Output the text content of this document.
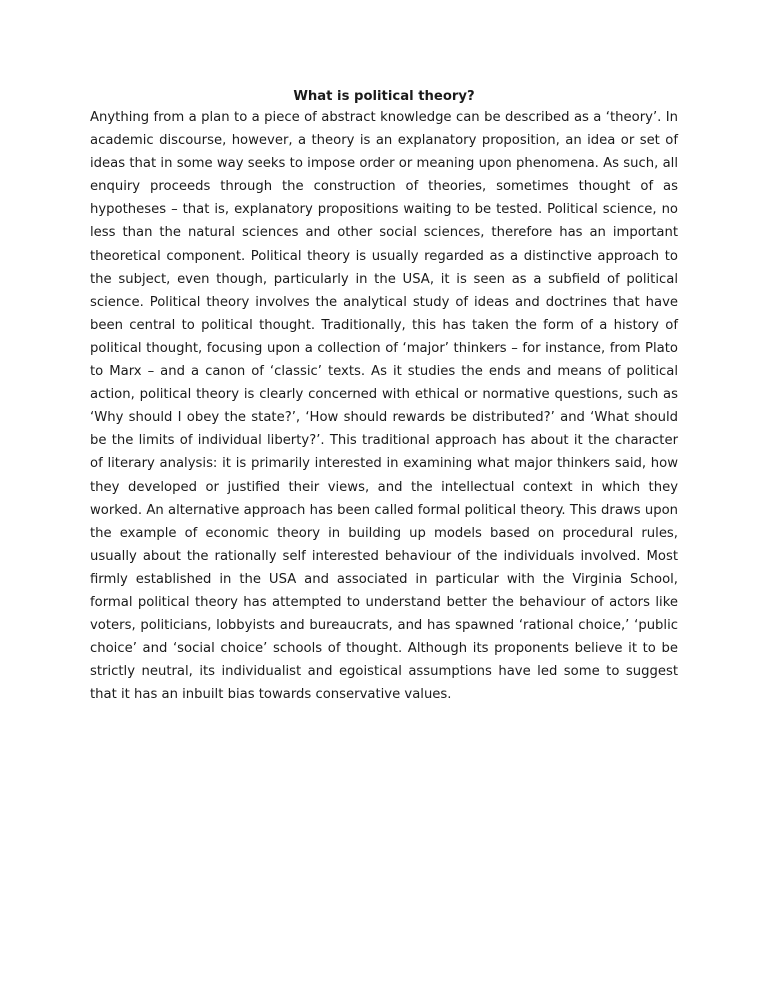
What is political theory?

Anything from a plan to a piece of abstract knowledge can be described as a ‘theory’. In academic discourse, however, a theory is an explanatory proposition, an idea or set of ideas that in some way seeks to impose order or meaning upon phenomena. As such, all enquiry proceeds through the construction of theories, sometimes thought of as hypotheses – that is, explanatory propositions waiting to be tested. Political science, no less than the natural sciences and other social sciences, therefore has an important theoretical component. Political theory is usually regarded as a distinctive approach to the subject, even though, particularly in the USA, it is seen as a subfield of political science. Political theory involves the analytical study of ideas and doctrines that have been central to political thought. Traditionally, this has taken the form of a history of political thought, focusing upon a collection of ‘major’ thinkers – for instance, from Plato to Marx – and a canon of ‘classic’ texts. As it studies the ends and means of political action, political theory is clearly concerned with ethical or normative questions, such as ‘Why should I obey the state?’, ‘How should rewards be distributed?’ and ‘What should be the limits of individual liberty?’. This traditional approach has about it the character of literary analysis: it is primarily interested in examining what major thinkers said, how they developed or justified their views, and the intellectual context in which they worked. An alternative approach has been called formal political theory. This draws upon the example of economic theory in building up models based on procedural rules, usually about the rationally self interested behaviour of the individuals involved. Most firmly established in the USA and associated in particular with the Virginia School, formal political theory has attempted to understand better the behaviour of actors like voters, politicians, lobbyists and bureaucrats, and has spawned ‘rational choice,’ ‘public choice’ and ‘social choice’ schools of thought. Although its proponents believe it to be strictly neutral, its individualist and egoistical assumptions have led some to suggest that it has an inbuilt bias towards conservative values.
